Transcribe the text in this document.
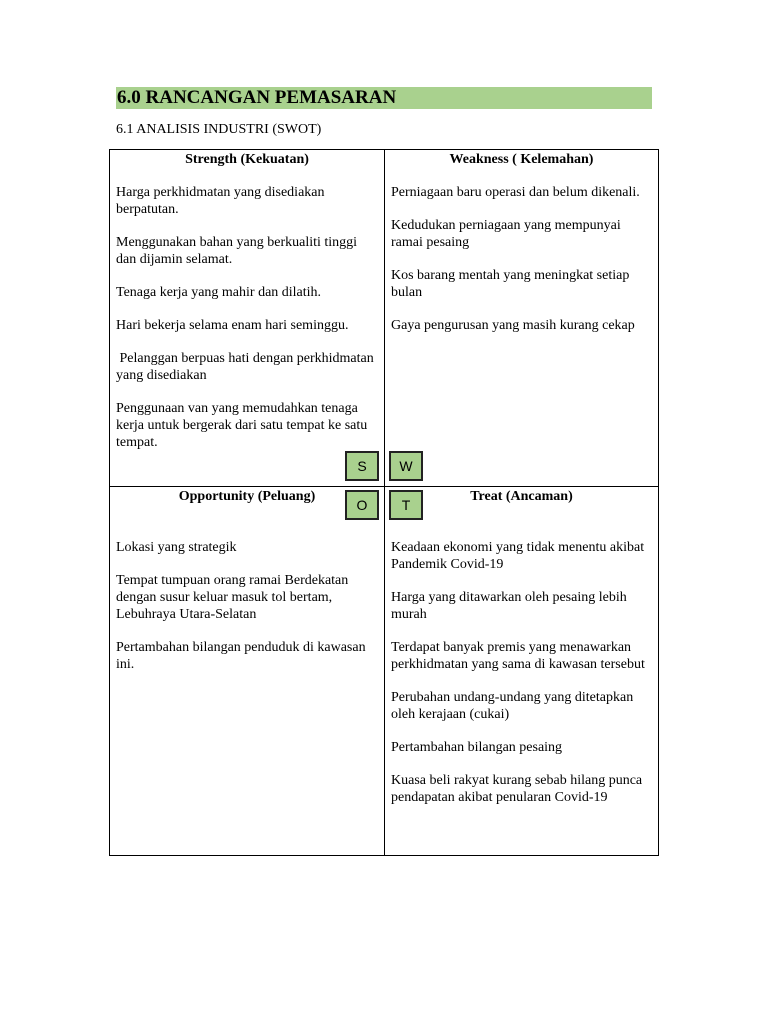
6.0 RANCANGAN PEMASARAN
6.1 ANALISIS INDUSTRI (SWOT)
Strength (Kekuatan)
Harga perkhidmatan yang disediakan berpatutan.
Menggunakan bahan yang berkualiti tinggi dan dijamin selamat.
Tenaga kerja yang mahir dan dilatih.
Hari bekerja selama enam hari seminggu.
Pelanggan berpuas hati dengan perkhidmatan yang disediakan
Penggunaan van yang memudahkan tenaga kerja untuk bergerak dari satu tempat ke satu tempat.
Weakness ( Kelemahan)
Perniagaan baru operasi dan belum dikenali.
Kedudukan perniagaan yang mempunyai ramai pesaing
Kos barang mentah yang meningkat setiap bulan
Gaya pengurusan yang masih kurang cekap
Opportunity (Peluang)
Lokasi yang strategik
Tempat tumpuan orang ramai Berdekatan dengan susur keluar masuk tol bertam, Lebuhraya Utara-Selatan
Pertambahan bilangan penduduk di kawasan ini.
Treat (Ancaman)
Keadaan ekonomi yang tidak menentu akibat Pandemik Covid-19
Harga yang ditawarkan oleh pesaing lebih murah
Terdapat banyak premis yang menawarkan perkhidmatan yang sama di kawasan tersebut
Perubahan undang-undang yang ditetapkan oleh kerajaan (cukai)
Pertambahan bilangan pesaing
Kuasa beli rakyat kurang sebab hilang punca pendapatan akibat penularan Covid-19
S	W
O	T
